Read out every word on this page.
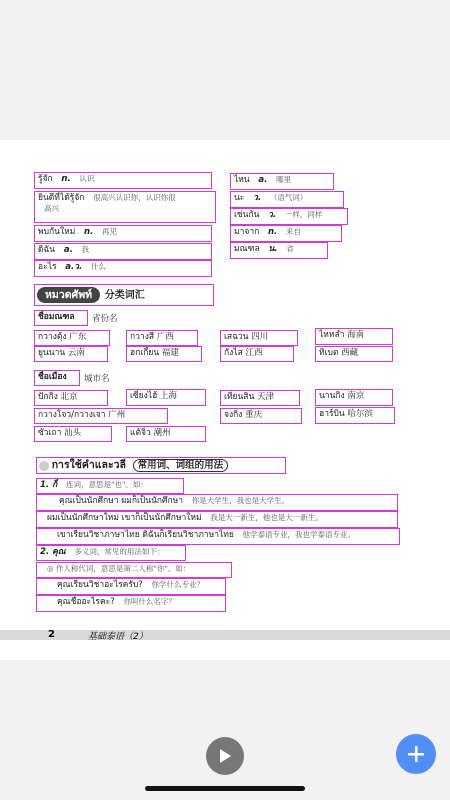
รู้จัก n. 认识
ยินดีที่ได้รู้จัก 很高兴认识你，认识你很
高兴
พบกันใหม่ n. 再见
ดิฉัน a. 我
อะไร a.ว. 什么
ไหน a. 哪里
นะ ว. （语气词）
เช่นกัน ว. 一样，同样
มาจาก n. 来自
มณฑล น. 省
หมวดศัพท์ 分类词汇
ชื่อมณฑล	省份名
กวางตุ้ง 广东	กวางสี 广西	เสฉวน 四川	ไหหลำ 海南
ยูนนาน 云南	ฮกเกี้ยน 福建	กังไส 江西	ทิเบต 西藏
ชื่อเมือง	城市名
ปักกิ่ง 北京	เซี่ยงไฮ้ 上海	เทียนสิน 天津	นานกิง 南京
กวางโจว/กวางเจา 广州	จงกิ่ง 重庆	ฮาร์บิน 哈尔滨
ซัวเถา 汕头	แต้จิ๋ว 潮州
การใช้คำและวลี 常用词、词组的用法
1. ก็ 连词，意思是"也"。如：
คุณเป็นนักศึกษา ผมก็เป็นนักศึกษา 你是大学生，我也是大学生。
ผมเป็นนักศึกษาใหม่ เขาก็เป็นนักศึกษาใหม่ 我是大一新生，他也是大一新生。
เขาเรียนวิชาภาษาไทย ดิฉันก็เรียนวิชาภาษาไทย 他学泰语专业，我也学泰语专业。
2. คุณ 多义词，常见的用法如下：
◎ 作人称代词，意思是第二人称"你"。如：
คุณเรียนวิชาอะไรครับ? 你学什么专业？
คุณชื่ออะไรคะ? 你叫什么名字？
2	基础泰语（2）
